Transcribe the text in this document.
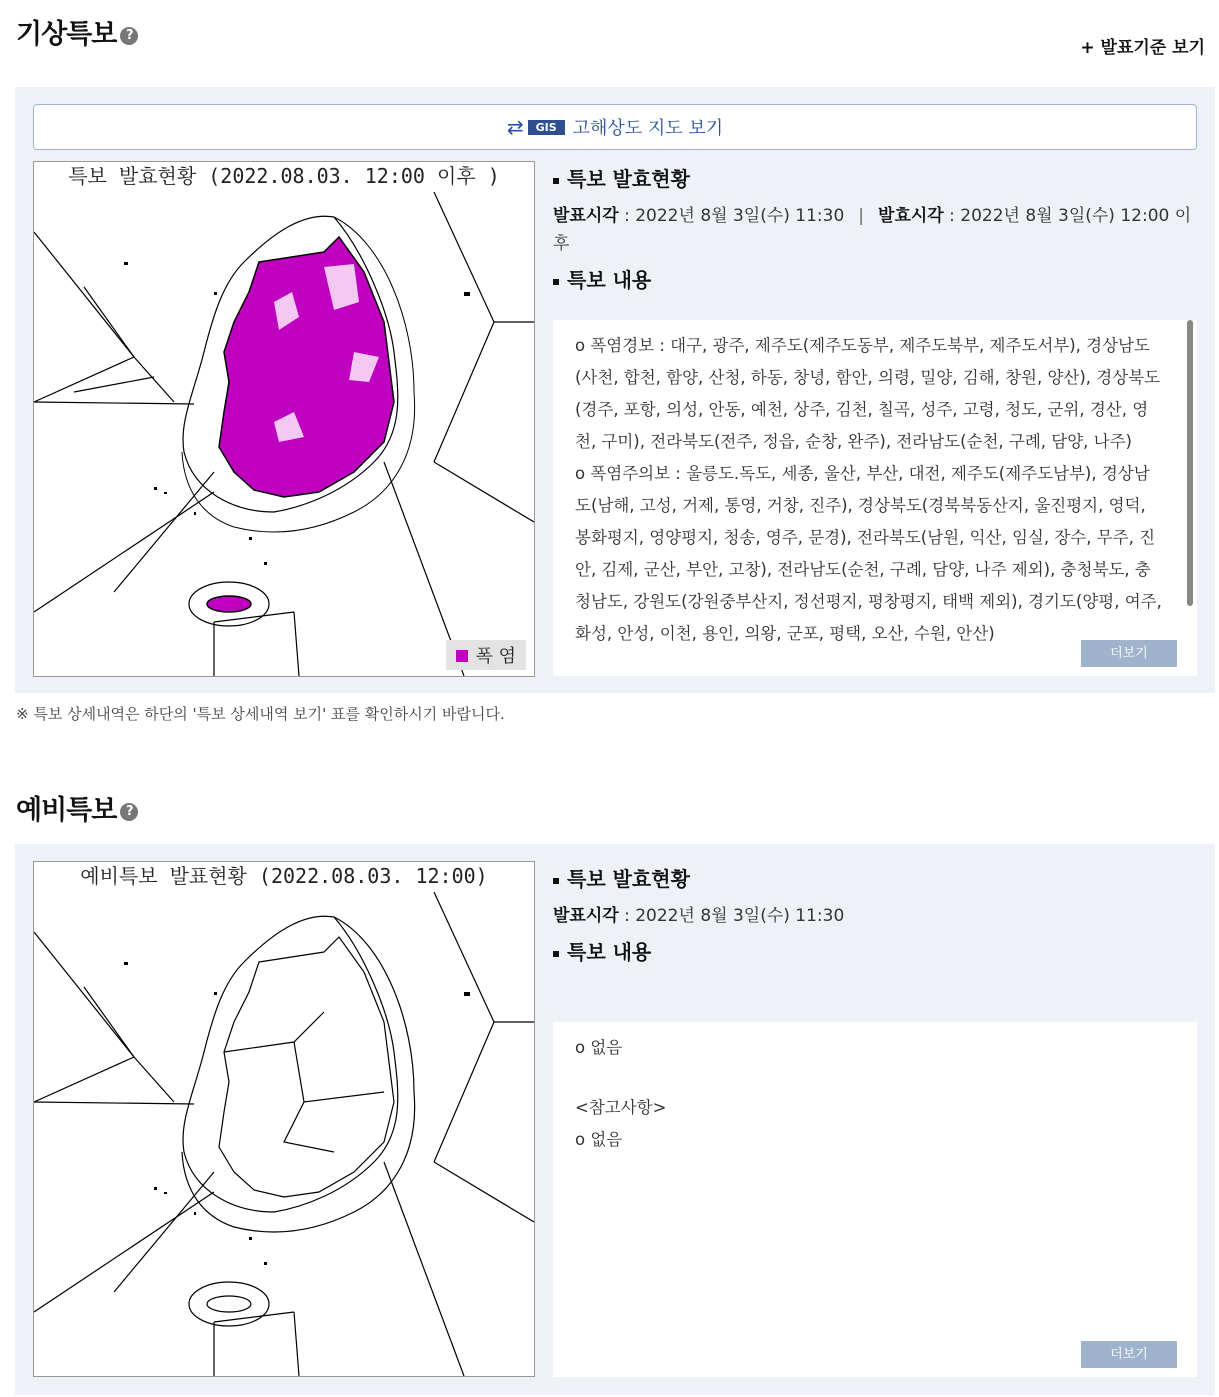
기상특보 ?
+ 발표기준 보기
⇄	GIS 고해상도 지도 보기
특보 발효현황 (2022.08.03. 12:00 이후 )
폭 염
특보 발효현황
발표시각 : 2022년 8월 3일(수) 11:30 | 발효시각 : 2022년 8월 3일(수) 12:00 이후
특보 내용
o 폭염경보 : 대구, 광주, 제주도(제주도동부, 제주도북부, 제주도서부), 경상남도(사천, 합천, 함양, 산청, 하동, 창녕, 함안, 의령, 밀양, 김해, 창원, 양산), 경상북도(경주, 포항, 의성, 안동, 예천, 상주, 김천, 칠곡, 성주, 고령, 청도, 군위, 경산, 영천, 구미), 전라북도(전주, 정읍, 순창, 완주), 전라남도(순천, 구례, 담양, 나주)
o 폭염주의보 : 울릉도.독도, 세종, 울산, 부산, 대전, 제주도(제주도남부), 경상남도(남해, 고성, 거제, 통영, 거창, 진주), 경상북도(경북북동산지, 울진평지, 영덕, 봉화평지, 영양평지, 청송, 영주, 문경), 전라북도(남원, 익산, 임실, 장수, 무주, 진안, 김제, 군산, 부안, 고창), 전라남도(순천, 구례, 담양, 나주 제외), 충청북도, 충청남도, 강원도(강원중부산지, 정선평지, 평창평지, 태백 제외), 경기도(양평, 여주, 화성, 안성, 이천, 용인, 의왕, 군포, 평택, 오산, 수원, 안산)
더보기
※ 특보 상세내역은 하단의 '특보 상세내역 보기' 표를 확인하시기 바랍니다.
예비특보 ?
예비특보 발표현황 (2022.08.03. 12:00)	특보 발효현황
발표시각 : 2022년 8월 3일(수) 11:30
특보 내용
o 없음
<참고사항>
o 없음
더보기
